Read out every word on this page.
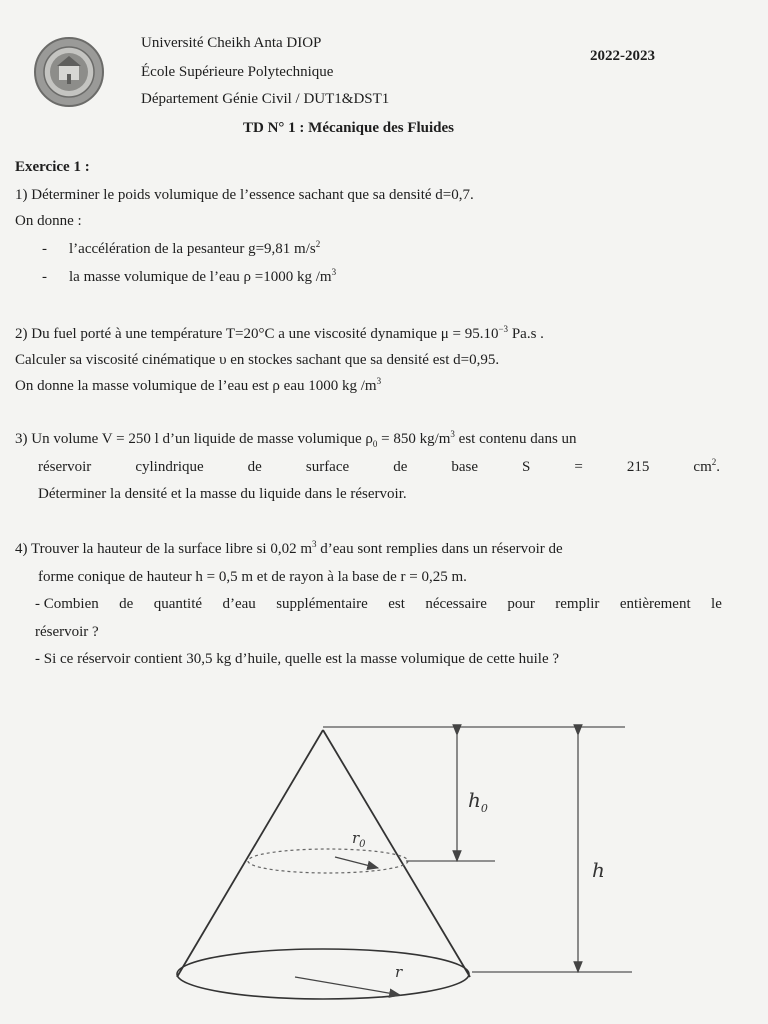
Université Cheikh Anta DIOP
École Supérieure Polytechnique
Département Génie Civil / DUT1&DST1
2022-2023
TD N° 1 : Mécanique des Fluides
Exercice 1 :
1) Déterminer le poids volumique de l’essence sachant que sa densité d=0,7.
On donne :
- l’accélération de la pesanteur g=9,81 $m/s^2$
- la masse volumique de l’eau ρ =1000 kg $/m^3$
2) Du fuel porté à une température T=20°C a une viscosité dynamique $\mu = 95.10^{-3}$ Pa.s .
Calculer sa viscosité cinématique υ en stockes sachant que sa densité est d=0,95.
On donne la masse volumique de l’eau est ρ eau 1000 kg $/m^3$
3) Un volume V = 250 l d’un liquide de masse volumique $\rho_0 = 850$ $kg/m^3$ est contenu dans un
réservoir	cylindrique	de	surface	de	base	S	=	215	$cm^2$.
Déterminer la densité et la masse du liquide dans le réservoir.
4) Trouver la hauteur de la surface libre si 0,02 $m^3$ d’eau sont remplies dans un réservoir de
forme conique de hauteur h = 0,5 m et de rayon à la base de r = 0,25 m.
- Combien de quantité d’eau supplémentaire est nécessaire pour remplir entièrement le
réservoir ?
- Si ce réservoir contient 30,5 kg d’huile, quelle est la masse volumique de cette huile ?
$h_0$
$r_0$
h
r
